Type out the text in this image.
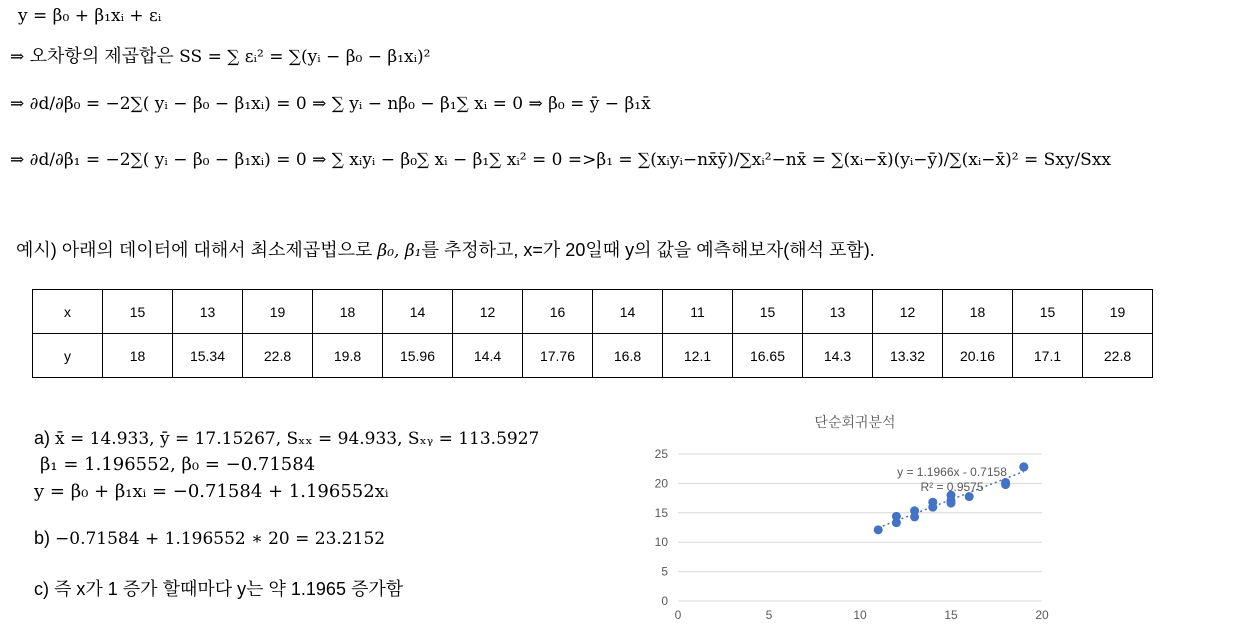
y = β₀ + β₁xᵢ + εᵢ
⇒ 오차항의 제곱합은 SS = ∑ εᵢ² = ∑(yᵢ − β₀ − β₁xᵢ)²
⇒ ∂d/∂β₀ = −2∑( yᵢ − β₀ − β₁xᵢ) = 0 ⇒ ∑ yᵢ − nβ₀ − β₁∑ xᵢ = 0 ⇒ β₀ = ȳ − β₁x̄
⇒ ∂d/∂β₁ = −2∑( yᵢ − β₀ − β₁xᵢ) = 0 ⇒ ∑ xᵢyᵢ − β₀∑ xᵢ − β₁∑ xᵢ² = 0 =>β₁ = ∑(xᵢyᵢ−nx̄ȳ)/∑xᵢ²−nx̄ = ∑(xᵢ−x̄)(yᵢ−ȳ)/∑(xᵢ−x̄)² = Sxy/Sxx
예시) 아래의 데이터에 대해서 최소제곱법으로 β₀, β₁를 추정하고, x=가 20일때 y의 값을 예측해보자(해석 포함).
x	15	13	19	18	14	12	16	14	11	15	13	12	18	15	19
y	18	15.34	22.8	19.8	15.96	14.4	17.76	16.8	12.1	16.65	14.3	13.32	20.16	17.1	22.8
a) x̄ = 14.933, ȳ = 17.15267, Sₓₓ = 94.933, Sₓᵧ = 113.5927
β₁ = 1.196552, β₀ = −0.71584
y = β₀ + β₁xᵢ = −0.71584 + 1.196552xᵢ
b) −0.71584 + 1.196552 ∗ 20 = 23.2152
c) 즉 x가 1 증가 할때마다 y는 약 1.1965 증가함
단순회귀분석
0
5
10
15
20
25
0	5	10	15	20
y = 1.1966x - 0.7158
R² = 0.9575
